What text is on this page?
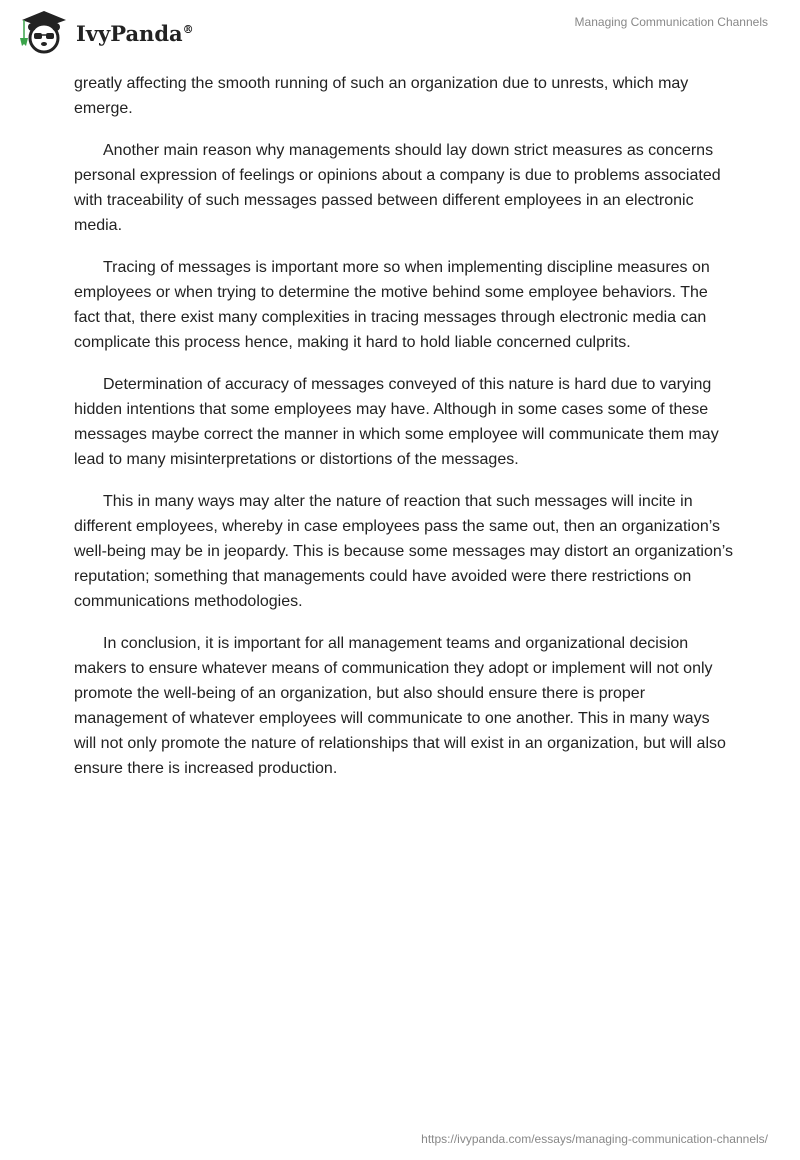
IvyPanda®	Managing Communication Channels

greatly affecting the smooth running of such an organization due to unrests, which may emerge.

Another main reason why managements should lay down strict measures as concerns personal expression of feelings or opinions about a company is due to problems associated with traceability of such messages passed between different employees in an electronic media.

Tracing of messages is important more so when implementing discipline measures on employees or when trying to determine the motive behind some employee behaviors. The fact that, there exist many complexities in tracing messages through electronic media can complicate this process hence, making it hard to hold liable concerned culprits.

Determination of accuracy of messages conveyed of this nature is hard due to varying hidden intentions that some employees may have. Although in some cases some of these messages maybe correct the manner in which some employee will communicate them may lead to many misinterpretations or distortions of the messages.

This in many ways may alter the nature of reaction that such messages will incite in different employees, whereby in case employees pass the same out, then an organization’s well-being may be in jeopardy. This is because some messages may distort an organization’s reputation; something that managements could have avoided were there restrictions on communications methodologies.

In conclusion, it is important for all management teams and organizational decision makers to ensure whatever means of communication they adopt or implement will not only promote the well-being of an organization, but also should ensure there is proper management of whatever employees will communicate to one another. This in many ways will not only promote the nature of relationships that will exist in an organization, but will also ensure there is increased production.

https://ivypanda.com/essays/managing-communication-channels/
